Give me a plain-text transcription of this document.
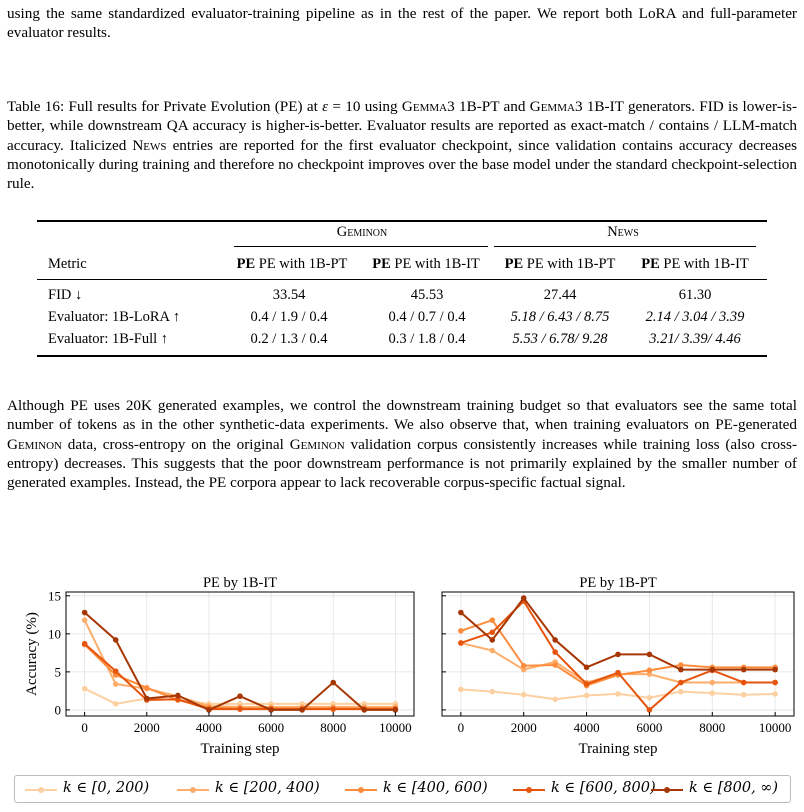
using the same standardized evaluator-training pipeline as in the rest of the paper. We report both LoRA and full-parameter evaluator results.

Table 16: Full results for Private Evolution (PE) at ε = 10 using Gemma3 1B-PT and Gemma3 1B-IT generators. FID is lower-is-better, while downstream QA accuracy is higher-is-better. Evaluator results are reported as exact-match / contains / LLM-match accuracy. Italicized News entries are reported for the first evaluator checkpoint, since validation contains accuracy decreases monotonically during training and therefore no checkpoint improves over the base model under the standard checkpoint-selection rule.

Geminon	News
Metric	PE PE with 1B-PT	PE PE with 1B-IT	PE PE with 1B-PT	PE PE with 1B-IT
FID ↓	33.54	45.53	27.44	61.30
Evaluator: 1B-LoRA ↑	0.4 / 1.9 / 0.4	0.4 / 0.7 / 0.4	5.18 / 6.43 / 8.75	2.14 / 3.04 / 3.39
Evaluator: 1B-Full ↑	0.2 / 1.3 / 0.4	0.3 / 1.8 / 0.4	5.53 / 6.78/ 9.28	3.21/ 3.39/ 4.46

Although PE uses 20K generated examples, we control the downstream training budget so that evaluators see the same total number of tokens as in the other synthetic-data experiments. We also observe that, when training evaluators on PE-generated Geminon data, cross-entropy on the original Geminon validation corpus consistently increases while training loss (also cross-entropy) decreases. This suggests that the poor downstream performance is not primarily explained by the smaller number of generated examples. Instead, the PE corpora appear to lack recoverable corpus-specific factual signal.

PE by 1B-IT
0	2000	4000	6000	8000	10000
0
5
10
15
Training step
Accuracy (%)
PE by 1B-PT
0	2000	4000	6000	8000	10000
Training step
k ∈ [0, 200)	k ∈ [200, 400)	k ∈ [400, 600)	k ∈ [600, 800) k ∈ [800, ∞)
